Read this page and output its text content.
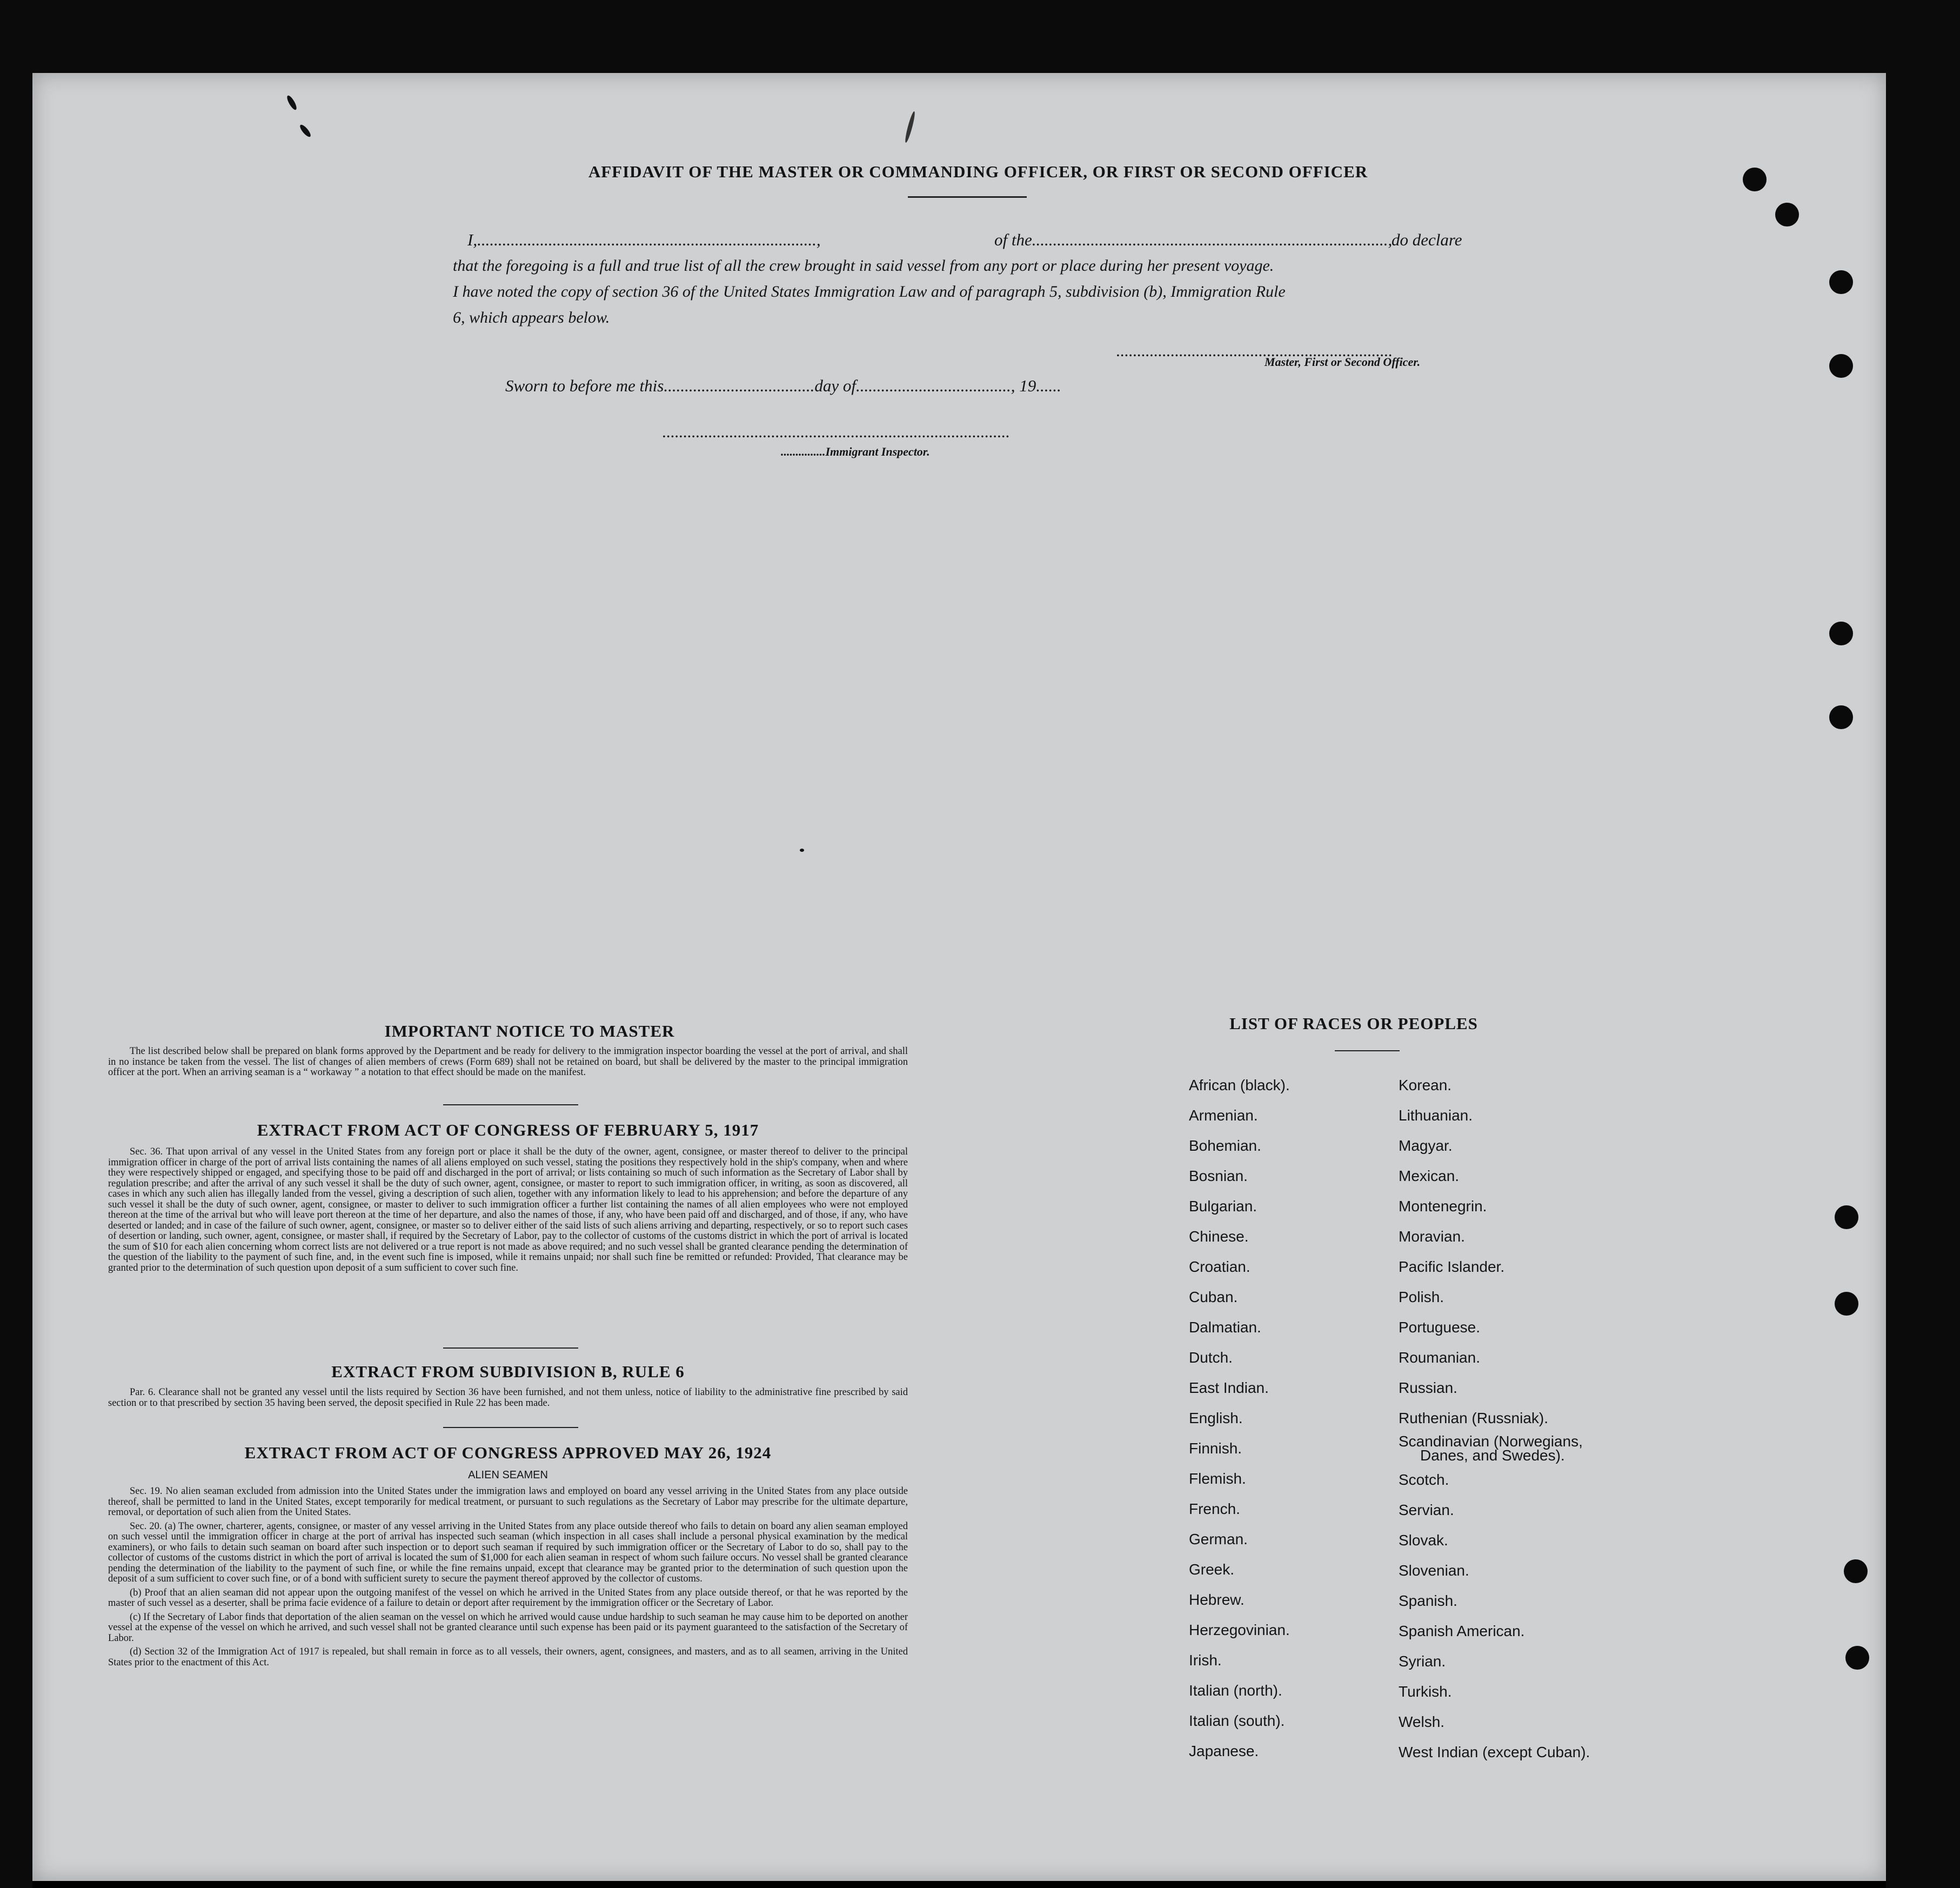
AFFIDAVIT OF THE MASTER OR COMMANDING OFFICER, OR FIRST OR SECOND OFFICER
I,.................................................................................,	of the.....................................................................................,
do declare
that the foregoing is a full and true list of all the crew brought in said vessel from any port or place during her present voyage.
I have noted the copy of section 36 of the United States Immigration Law and of paragraph 5, subdivision (b), Immigration Rule
6, which appears below.
..................................................................
Master, First or Second Officer.
Sworn to before me this....................................day of....................................., 19......
...................................................................................
...............Immigrant Inspector.
IMPORTANT NOTICE TO MASTER

The list described below shall be prepared on blank forms approved by the Department and be ready for delivery to the immigration inspector boarding the vessel at the port of arrival, and shall in no instance be taken from the vessel. The list of changes of alien members of crews (Form 689) shall not be retained on board, but shall be delivered by the master to the principal immigration officer at the port. When an arriving seaman is a “ workaway ” a notation to that effect should be made on the manifest.

EXTRACT FROM ACT OF CONGRESS OF FEBRUARY 5, 1917

Sec. 36. That upon arrival of any vessel in the United States from any foreign port or place it shall be the duty of the owner, agent, consignee, or master thereof to deliver to the principal immigration officer in charge of the port of arrival lists containing the names of all aliens employed on such vessel, stating the positions they respectively hold in the ship's company, when and where they were respectively shipped or engaged, and specifying those to be paid off and discharged in the port of arrival; or lists containing so much of such information as the Secretary of Labor shall by regulation prescribe; and after the arrival of any such vessel it shall be the duty of such owner, agent, consignee, or master to report to such immigration officer, in writing, as soon as discovered, all cases in which any such alien has illegally landed from the vessel, giving a description of such alien, together with any information likely to lead to his apprehension; and before the departure of any such vessel it shall be the duty of such owner, agent, consignee, or master to deliver to such immigration officer a further list containing the names of all alien employees who were not employed thereon at the time of the arrival but who will leave port thereon at the time of her departure, and also the names of those, if any, who have been paid off and discharged, and of those, if any, who have deserted or landed; and in case of the failure of such owner, agent, consignee, or master so to deliver either of the said lists of such aliens arriving and departing, respectively, or so to report such cases of desertion or landing, such owner, agent, consignee, or master shall, if required by the Secretary of Labor, pay to the collector of customs of the customs district in which the port of arrival is located the sum of $10 for each alien concerning whom correct lists are not delivered or a true report is not made as above required; and no such vessel shall be granted clearance pending the determination of the question of the liability to the payment of such fine, and, in the event such fine is imposed, while it remains unpaid; nor shall such fine be remitted or refunded: Provided, That clearance may be granted prior to the determination of such question upon deposit of a sum sufficient to cover such fine.

EXTRACT FROM SUBDIVISION B, RULE 6

Par. 6. Clearance shall not be granted any vessel until the lists required by Section 36 have been furnished, and not them unless, notice of liability to the administrative fine prescribed by said section or to that prescribed by section 35 having been served, the deposit specified in Rule 22 has been made.

EXTRACT FROM ACT OF CONGRESS APPROVED MAY 26, 1924
ALIEN SEAMEN

Sec. 19. No alien seaman excluded from admission into the United States under the immigration laws and employed on board any vessel arriving in the United States from any place outside thereof, shall be permitted to land in the United States, except temporarily for medical treatment, or pursuant to such regulations as the Secretary of Labor may prescribe for the ultimate departure, removal, or deportation of such alien from the United States.

Sec. 20. (a) The owner, charterer, agents, consignee, or master of any vessel arriving in the United States from any place outside thereof who fails to detain on board any alien seaman employed on such vessel until the immigration officer in charge at the port of arrival has inspected such seaman (which inspection in all cases shall include a personal physical examination by the medical examiners), or who fails to detain such seaman on board after such inspection or to deport such seaman if required by such immigration officer or the Secretary of Labor to do so, shall pay to the collector of customs of the customs district in which the port of arrival is located the sum of $1,000 for each alien seaman in respect of whom such failure occurs. No vessel shall be granted clearance pending the determination of the liability to the payment of such fine, or while the fine remains unpaid, except that clearance may be granted prior to the determination of such question upon the deposit of a sum sufficient to cover such fine, or of a bond with sufficient surety to secure the payment thereof approved by the collector of customs.

(b) Proof that an alien seaman did not appear upon the outgoing manifest of the vessel on which he arrived in the United States from any place outside thereof, or that he was reported by the master of such vessel as a deserter, shall be prima facie evidence of a failure to detain or deport after requirement by the immigration officer or the Secretary of Labor.

(c) If the Secretary of Labor finds that deportation of the alien seaman on the vessel on which he arrived would cause undue hardship to such seaman he may cause him to be deported on another vessel at the expense of the vessel on which he arrived, and such vessel shall not be granted clearance until such expense has been paid or its payment guaranteed to the satisfaction of the Secretary of Labor.

(d) Section 32 of the Immigration Act of 1917 is repealed, but shall remain in force as to all vessels, their owners, agent, consignees, and masters, and as to all seamen, arriving in the United States prior to the enactment of this Act.

LIST OF RACES OR PEOPLES
African (black).
Armenian.
Bohemian.
Bosnian.
Bulgarian.
Chinese.
Croatian.
Cuban.
Dalmatian.
Dutch.
East Indian.
English.
Finnish.
Flemish.
French.
German.
Greek.
Hebrew.
Herzegovinian.
Irish.
Italian (north).
Italian (south).
Japanese.
Korean.
Lithuanian.
Magyar.
Mexican.
Montenegrin.
Moravian.
Pacific Islander.
Polish.
Portuguese.
Roumanian.
Russian.
Ruthenian (Russniak).
Scandinavian (Norwegians,
Danes, and Swedes).
Scotch.
Servian.
Slovak.
Slovenian.
Spanish.
Spanish American.
Syrian.
Turkish.
Welsh.
West Indian (except Cuban).
